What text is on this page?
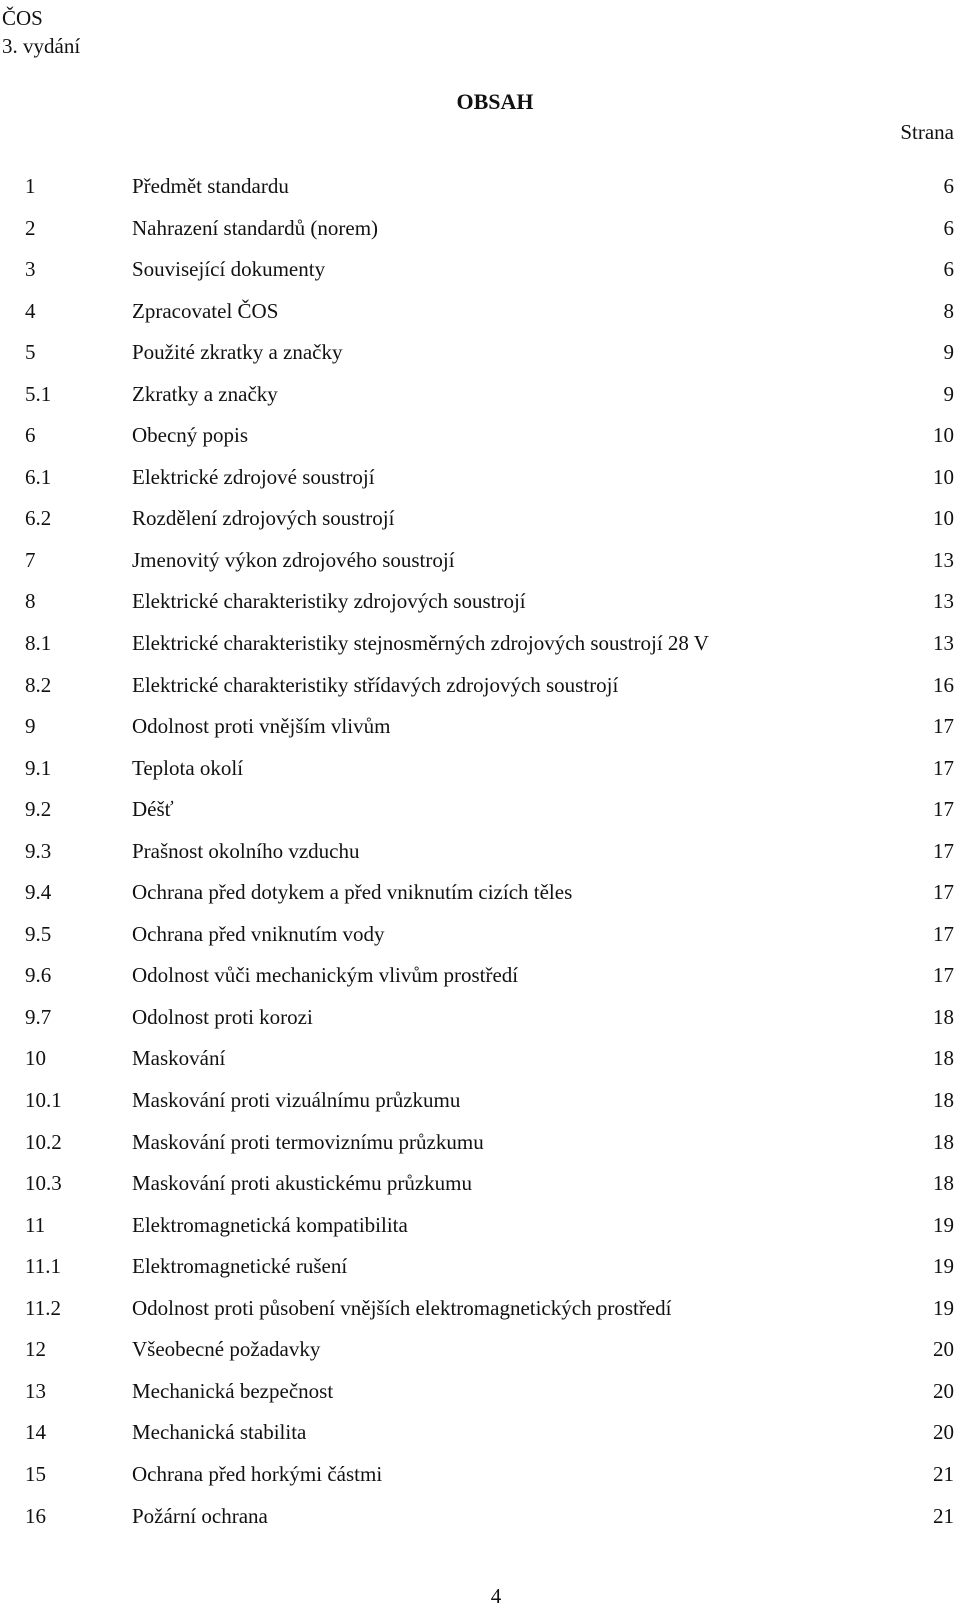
ČOS
3. vydání
OBSAH
Strana
1	Předmět standardu	6
2	Nahrazení standardů (norem)	6
3	Související dokumenty	6
4	Zpracovatel ČOS	8
5	Použité zkratky a značky	9
5.1	Zkratky a značky	9
6	Obecný popis	10
6.1	Elektrické zdrojové soustrojí	10
6.2	Rozdělení zdrojových soustrojí	10
7	Jmenovitý výkon zdrojového soustrojí	13
8	Elektrické charakteristiky zdrojových soustrojí	13
8.1	Elektrické charakteristiky stejnosměrných zdrojových soustrojí 28 V	13
8.2	Elektrické charakteristiky střídavých zdrojových soustrojí	16
9	Odolnost proti vnějším vlivům	17
9.1	Teplota okolí	17
9.2	Déšť	17
9.3	Prašnost okolního vzduchu	17
9.4	Ochrana před dotykem a před vniknutím cizích těles	17
9.5	Ochrana před vniknutím vody	17
9.6	Odolnost vůči mechanickým vlivům prostředí	17
9.7	Odolnost proti korozi	18
10	Maskování	18
10.1	Maskování proti vizuálnímu průzkumu	18
10.2	Maskování proti termoviznímu průzkumu	18
10.3	Maskování proti akustickému průzkumu	18
11	Elektromagnetická kompatibilita	19
11.1	Elektromagnetické rušení	19
11.2	Odolnost proti působení vnějších elektromagnetických prostředí	19
12	Všeobecné požadavky	20
13	Mechanická bezpečnost	20
14	Mechanická stabilita	20
15	Ochrana před horkými částmi	21
16	Požární ochrana	21
4
